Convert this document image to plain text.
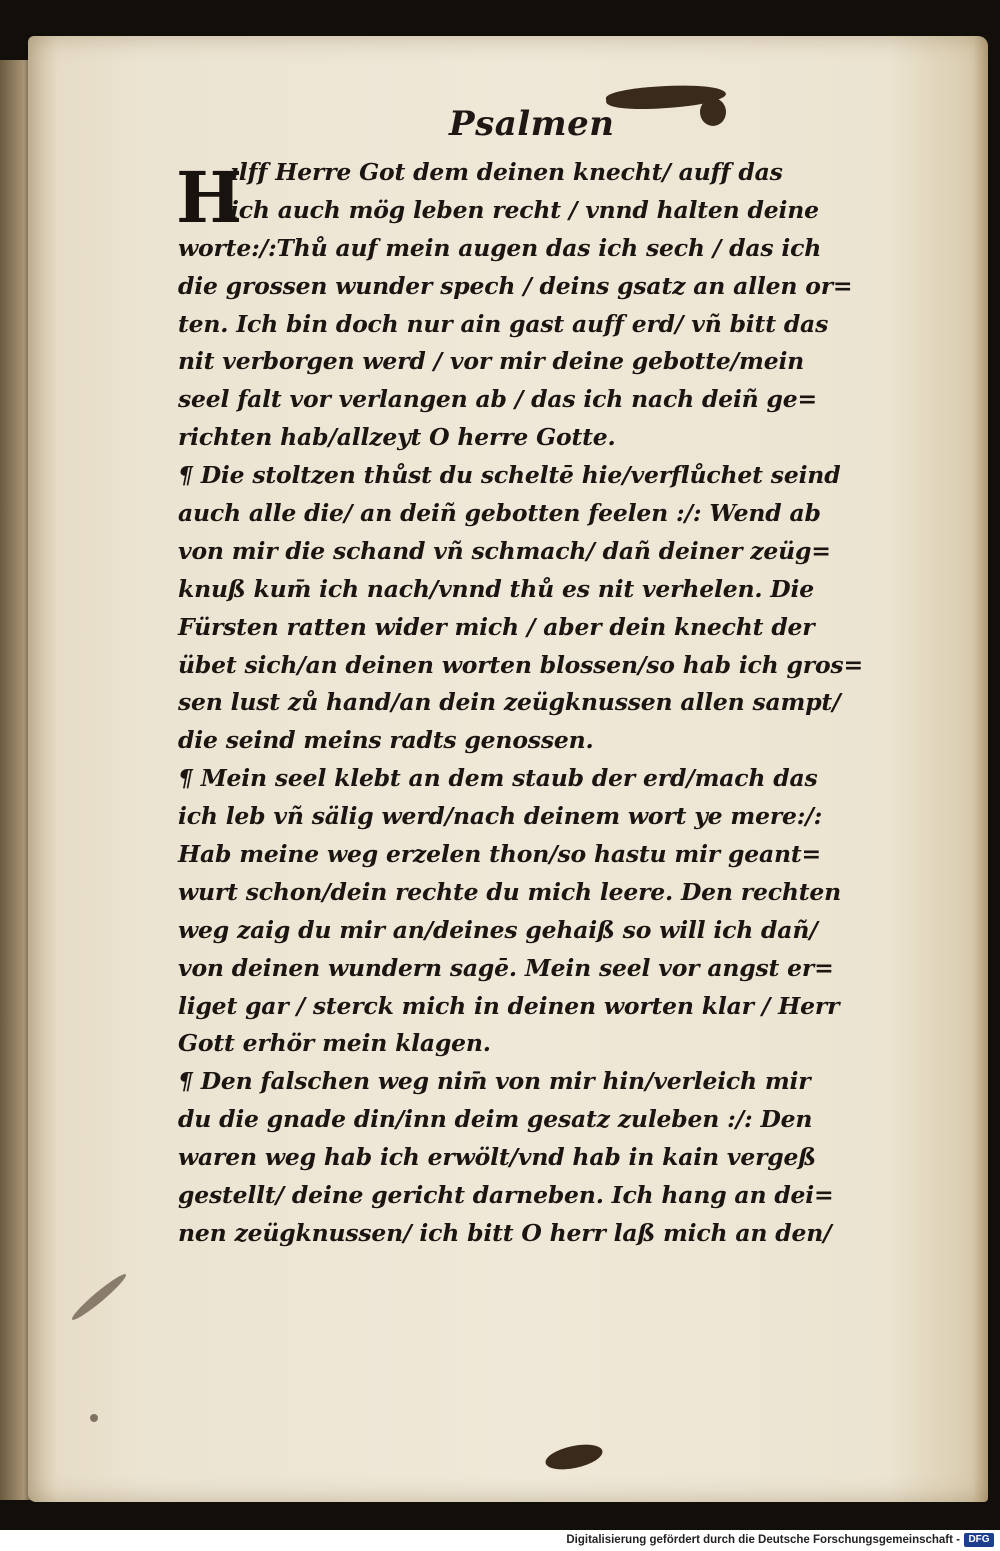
Psalmen
H
ılff Herre Got dem deinen knecht/ auff das
ich auch mög leben recht / vnnd halten deine
worte:/:Thů auf mein augen das ich sech / das ich
die grossen wunder spech / deins gsatz an allen or=
ten. Ich bin doch nur ain gast auff erd/ vñ bitt das
nit verborgen werd / vor mir deine gebotte/mein
seel falt vor verlangen ab / das ich nach deiñ ge=
richten hab/allzeyt O herre Gotte.
¶ Die stoltzen thůst du scheltē hie/verflůchet seind
auch alle die/ an deiñ gebotten feelen :/: Wend ab
von mir die schand vñ schmach/ dañ deiner zeüg=
knuß kum̄ ich nach/vnnd thů es nit verhelen. Die
Fürsten ratten wider mich / aber dein knecht der
übet sich/an deinen worten blossen/so hab ich gros=
sen lust zů hand/an dein zeügknussen allen sampt/
die seind meins radts genossen.
¶ Mein seel klebt an dem staub der erd/mach das
ich leb vñ sälig werd/nach deinem wort ye mere:/:
Hab meine weg erzelen thon/so hastu mir geant=
wurt schon/dein rechte du mich leere. Den rechten
weg zaig du mir an/deines gehaiß so will ich dañ/
von deinen wundern sagē. Mein seel vor angst er=
liget gar / sterck mich in deinen worten klar / Herr
Gott erhör mein klagen.
¶ Den falschen weg nim̄ von mir hin/verleich mir
du die gnade din/inn deim gesatz zuleben :/: Den
waren weg hab ich erwölt/vnd hab in kain vergeß
gestellt/ deine gericht darneben. Ich hang an dei=
nen zeügknussen/ ich bitt O herr laß mich an den/
Digitalisierung gefördert durch die Deutsche Forschungsgemeinschaft - DFG
